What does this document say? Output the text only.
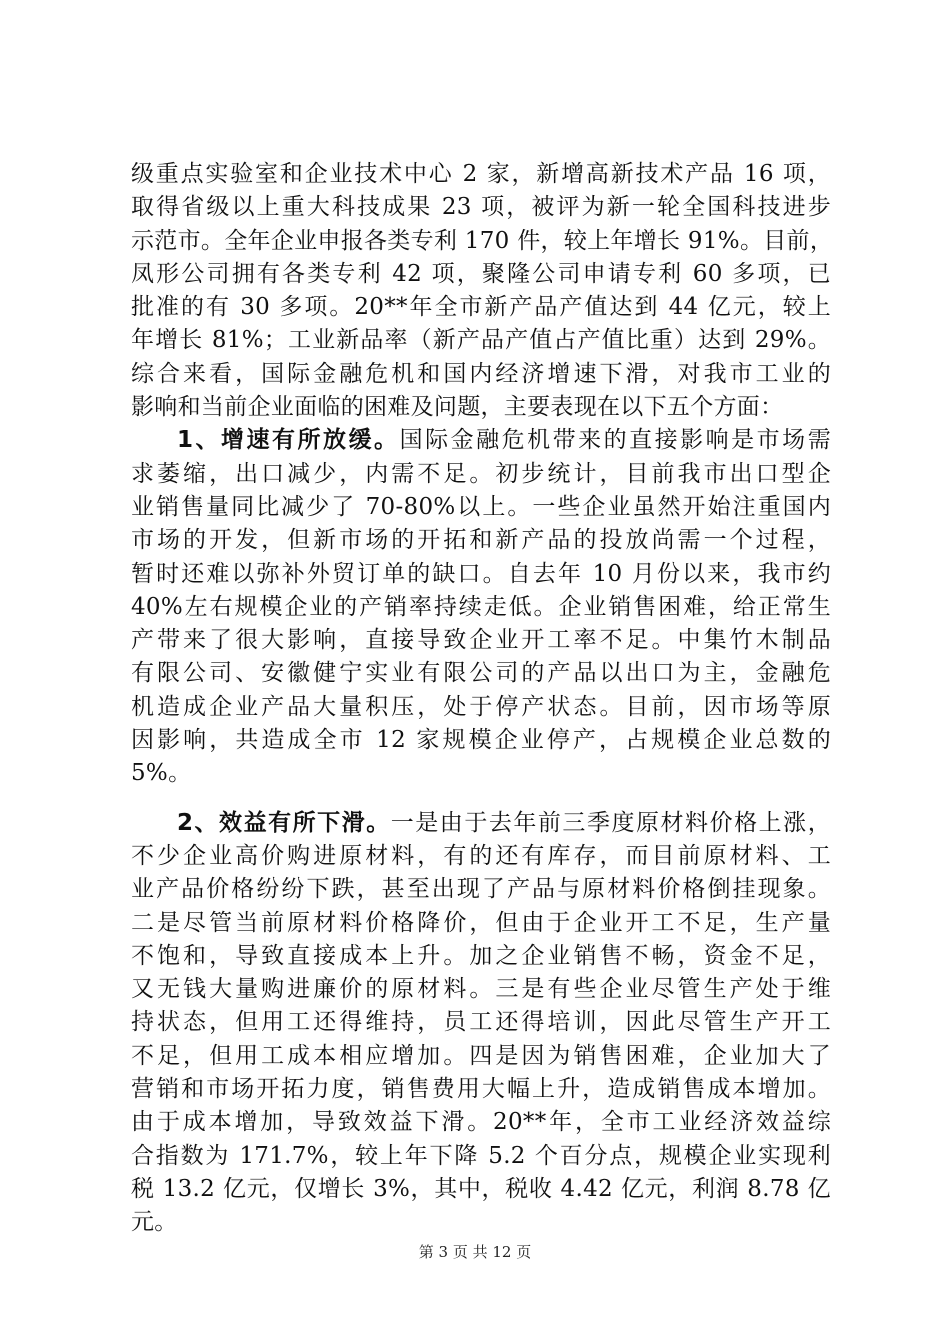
级重点实验室和企业技术中心 2 家，新增高新技术产品 16 项，
取得省级以上重大科技成果 23 项，被评为新一轮全国科技进步
示范市。全年企业申报各类专利 170 件，较上年增长 91%。目前，
凤形公司拥有各类专利 42 项，聚隆公司申请专利 60 多项，已
批准的有 30 多项。20**年全市新产品产值达到 44 亿元，较上
年增长 81%；工业新品率（新产品产值占产值比重）达到 29%。
综合来看，国际金融危机和国内经济增速下滑，对我市工业的
影响和当前企业面临的困难及问题，主要表现在以下五个方面：
1、增速有所放缓。国际金融危机带来的直接影响是市场需
求萎缩，出口减少，内需不足。初步统计，目前我市出口型企
业销售量同比减少了 70-80%以上。一些企业虽然开始注重国内
市场的开发，但新市场的开拓和新产品的投放尚需一个过程，
暂时还难以弥补外贸订单的缺口。自去年 10 月份以来，我市约
40%左右规模企业的产销率持续走低。企业销售困难，给正常生
产带来了很大影响，直接导致企业开工率不足。中集竹木制品
有限公司、安徽健宁实业有限公司的产品以出口为主，金融危
机造成企业产品大量积压，处于停产状态。目前，因市场等原
因影响，共造成全市 12 家规模企业停产，占规模企业总数的
5%。
2、效益有所下滑。一是由于去年前三季度原材料价格上涨，
不少企业高价购进原材料，有的还有库存，而目前原材料、工
业产品价格纷纷下跌，甚至出现了产品与原材料价格倒挂现象。
二是尽管当前原材料价格降价，但由于企业开工不足，生产量
不饱和，导致直接成本上升。加之企业销售不畅，资金不足，
又无钱大量购进廉价的原材料。三是有些企业尽管生产处于维
持状态，但用工还得维持，员工还得培训，因此尽管生产开工
不足，但用工成本相应增加。四是因为销售困难，企业加大了
营销和市场开拓力度，销售费用大幅上升，造成销售成本增加。
由于成本增加，导致效益下滑。20**年，全市工业经济效益综
合指数为 171.7%，较上年下降 5.2 个百分点，规模企业实现利
税 13.2 亿元，仅增长 3%，其中，税收 4.42 亿元，利润 8.78 亿
元。
第 3 页 共 12 页
